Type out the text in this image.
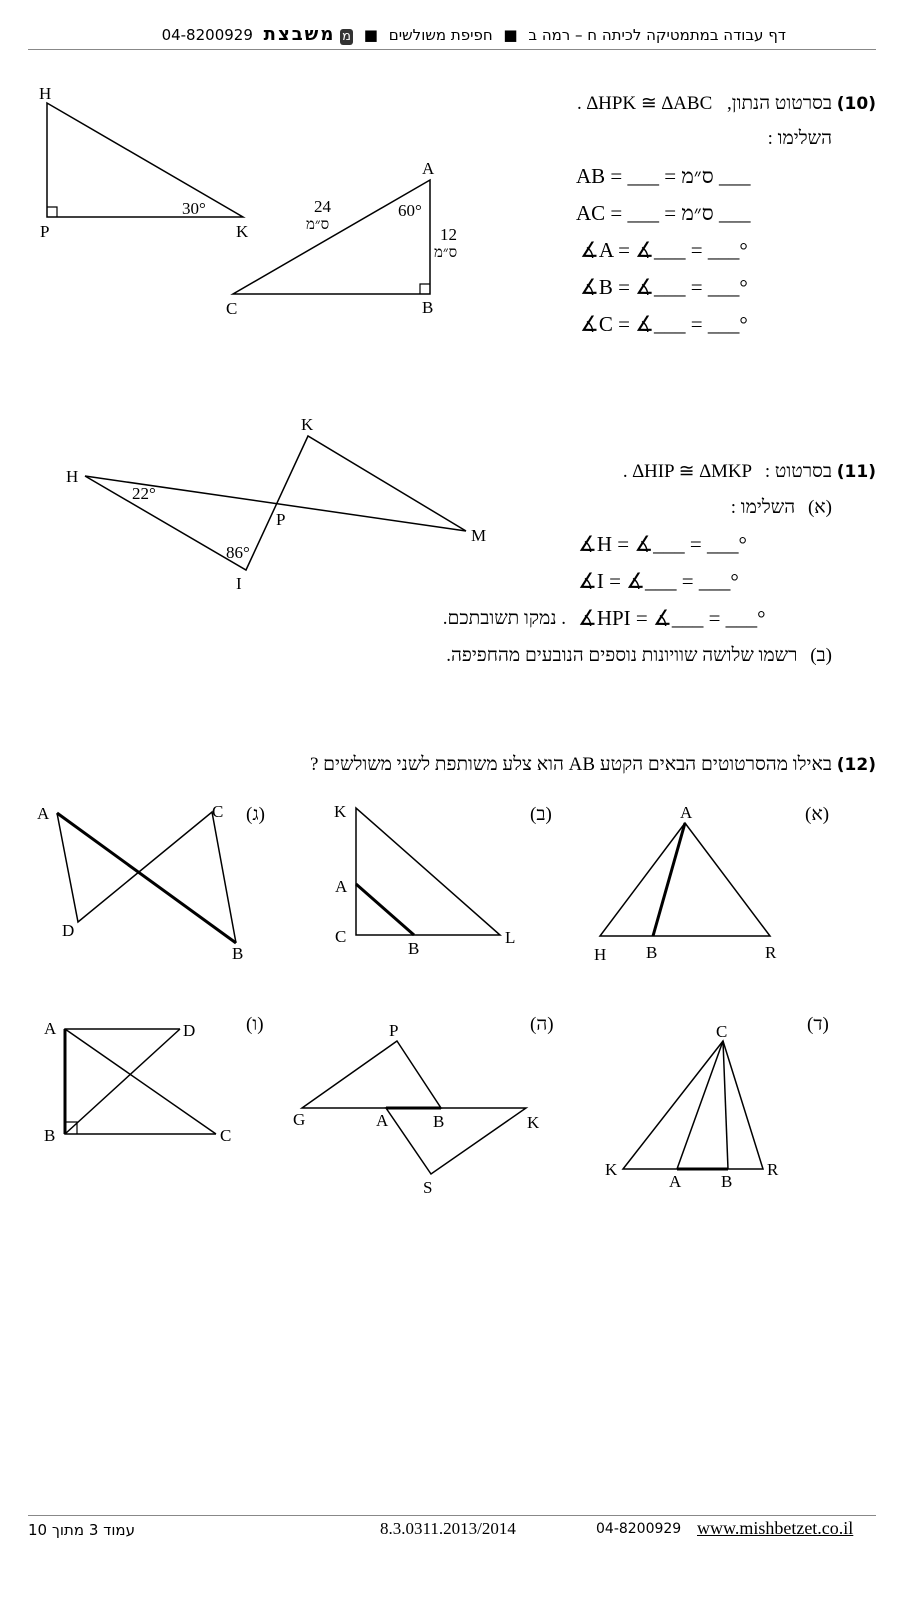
דף עבודה במתמטיקה לכיתה ח – רמה ב ■ חפיפת משולשים ■ מ משבצת 04-8200929
(10) בסרטוט הנתון, ∆HPK ≅ ∆ABC .
השלימו :
AB = ___ = ס״מ ___
AC = ___ = ס״מ ___
∡A = ∡___ = ___°
∡B = ∡___ = ___°
∡C = ∡___ = ___°
H
P	K
30°
A
B
C
60°
24
ס״מ	12
ס״מ
(11) בסרטוט : ∆HIP ≅ ∆MKP .
(א) השלימו :
∡H = ∡___ = ___°
∡I = ∡___ = ___°
∡HPI = ∡___ = ___°
. נמקו תשובתכם.
(ב) רשמו שלושה שוויונות נוספים הנובעים מהחפיפה.
H
I
P
K
M
22°
86°
(12) באילו מהסרטוטים הבאים הקטע AB הוא צלע משותפת לשני משולשים ?
(א)
(ב)
(ג)
(ד)
(ה)
(ו)
A
H B	R
K
A
C
B
L
A	C
D
B
C
K
A B
R
P
G	A	B	K
S
A	D
B	C
עמוד 3 מתוך 10	8.3.0311.2013/2014	04-8200929 www.mishbetzet.co.il
